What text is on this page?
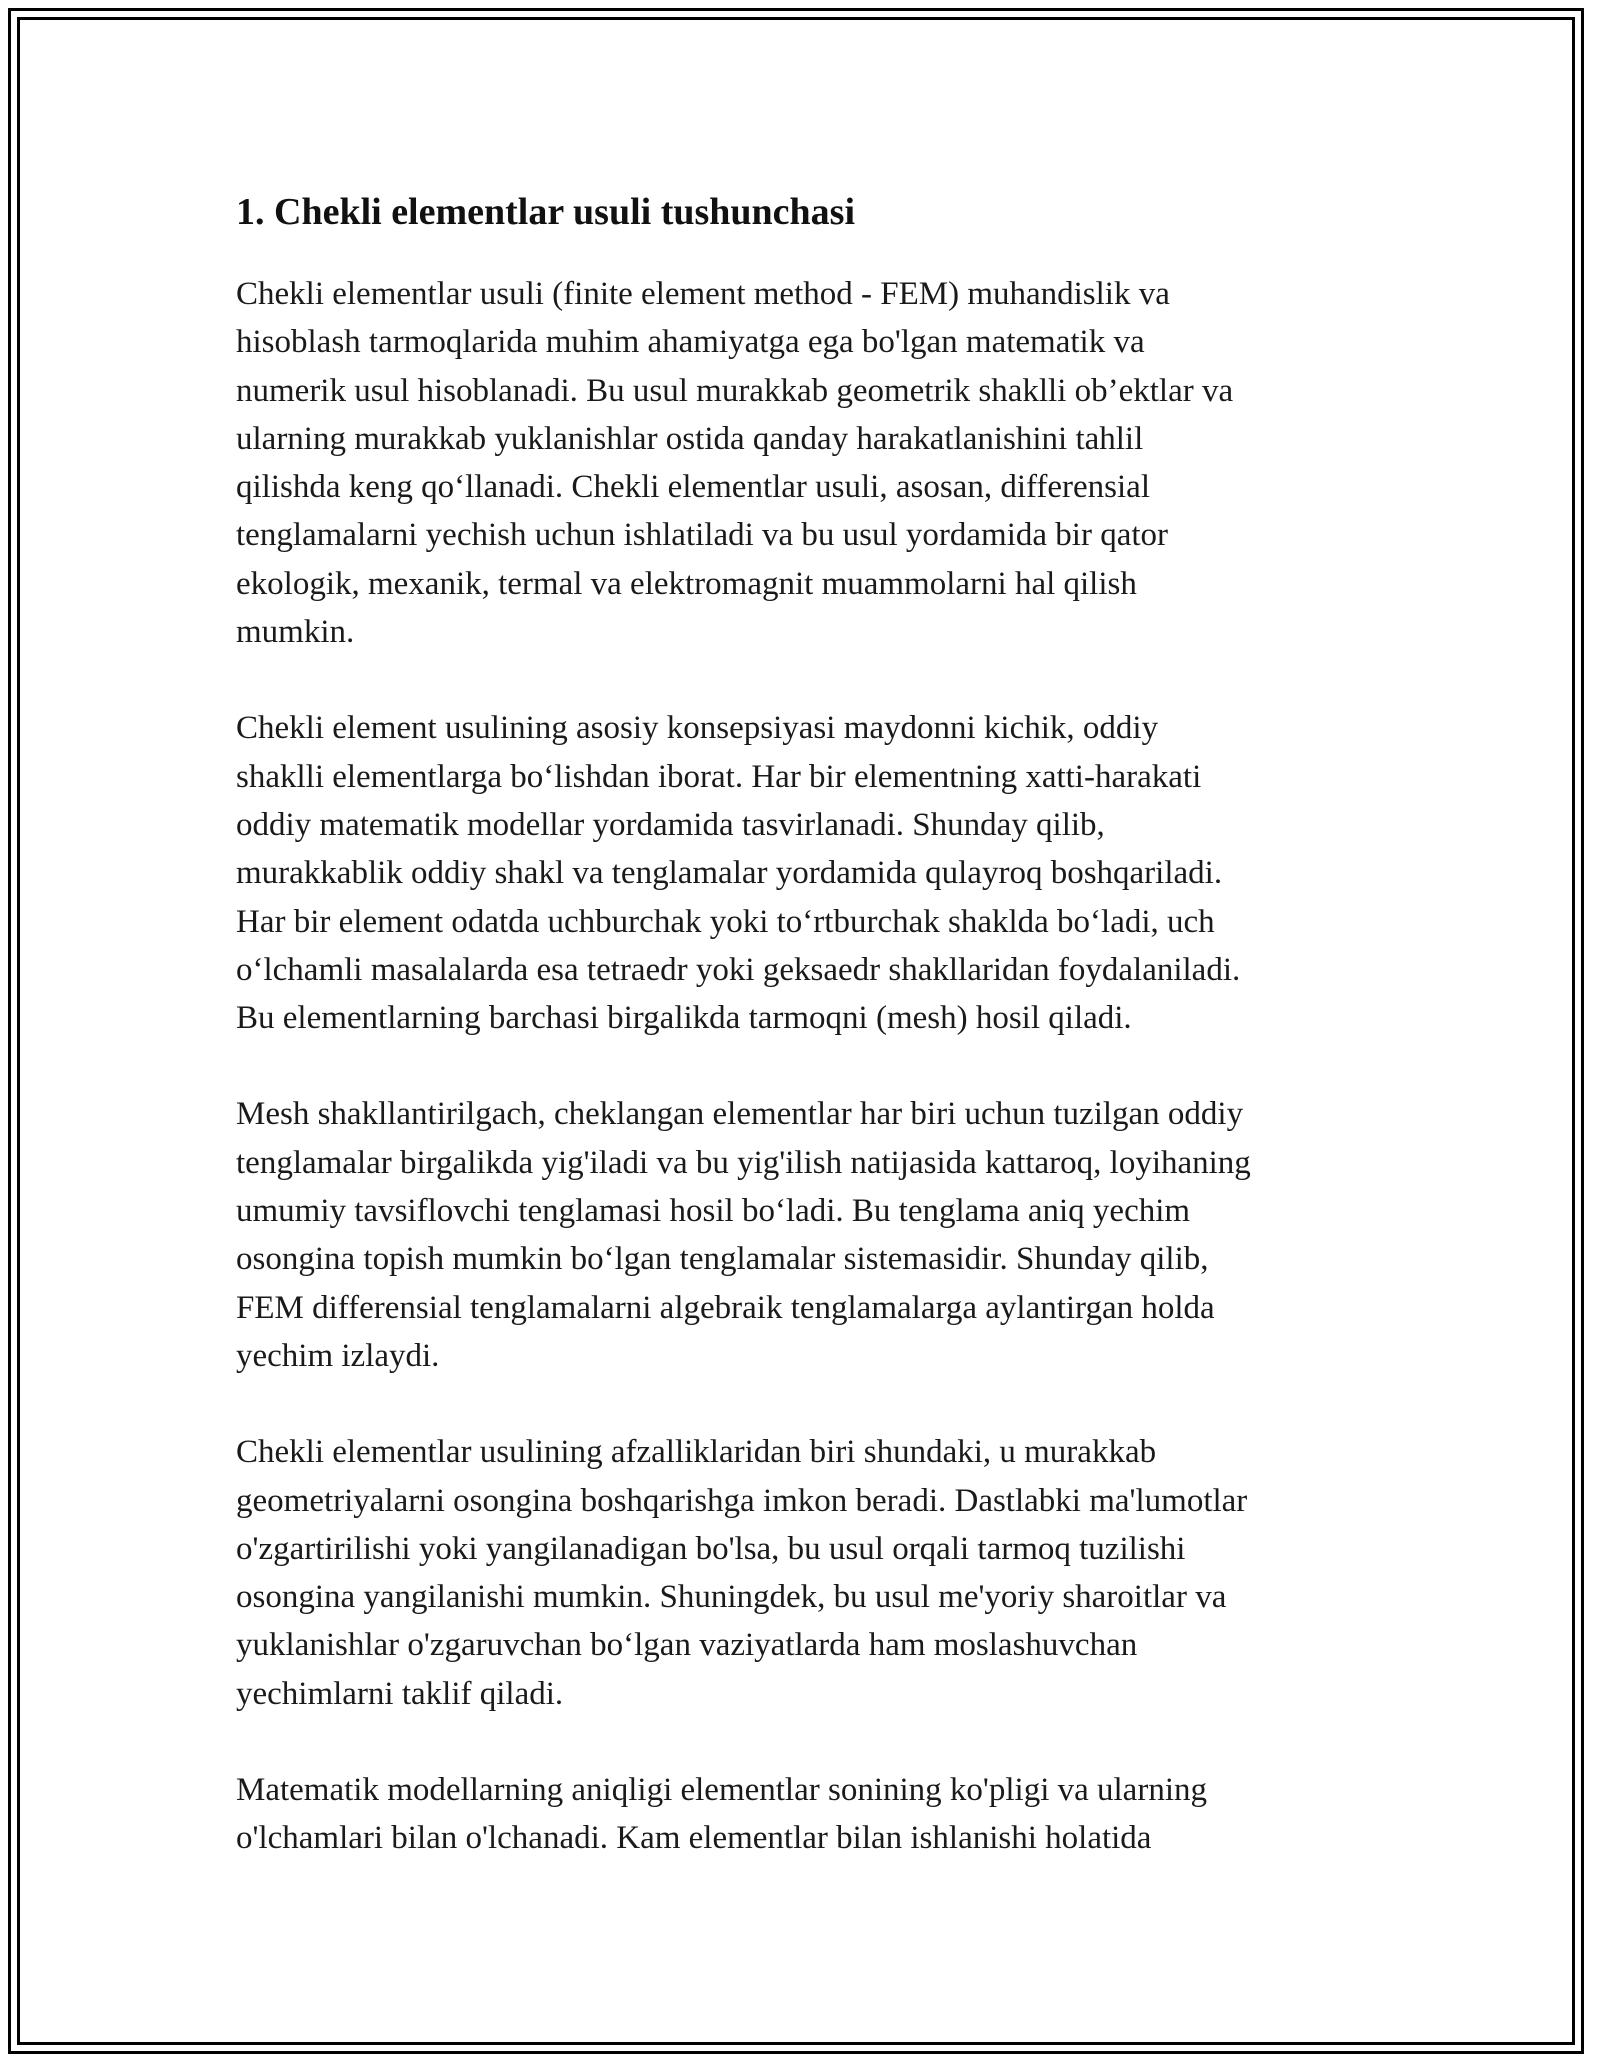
1. Chekli elementlar usuli tushunchasi

Chekli elementlar usuli (finite element method - FEM) muhandislik va
hisoblash tarmoqlarida muhim ahamiyatga ega bo'lgan matematik va
numerik usul hisoblanadi. Bu usul murakkab geometrik shaklli ob’ektlar va
ularning murakkab yuklanishlar ostida qanday harakatlanishini tahlil
qilishda keng qo‘llanadi. Chekli elementlar usuli, asosan, differensial
tenglamalarni yechish uchun ishlatiladi va bu usul yordamida bir qator
ekologik, mexanik, termal va elektromagnit muammolarni hal qilish
mumkin.

Chekli element usulining asosiy konsepsiyasi maydonni kichik, oddiy
shaklli elementlarga bo‘lishdan iborat. Har bir elementning xatti-harakati
oddiy matematik modellar yordamida tasvirlanadi. Shunday qilib,
murakkablik oddiy shakl va tenglamalar yordamida qulayroq boshqariladi.
Har bir element odatda uchburchak yoki to‘rtburchak shaklda bo‘ladi, uch
o‘lchamli masalalarda esa tetraedr yoki geksaedr shakllaridan foydalaniladi.
Bu elementlarning barchasi birgalikda tarmoqni (mesh) hosil qiladi.

Mesh shakllantirilgach, cheklangan elementlar har biri uchun tuzilgan oddiy
tenglamalar birgalikda yig'iladi va bu yig'ilish natijasida kattaroq, loyihaning
umumiy tavsiflovchi tenglamasi hosil bo‘ladi. Bu tenglama aniq yechim
osongina topish mumkin bo‘lgan tenglamalar sistemasidir. Shunday qilib,
FEM differensial tenglamalarni algebraik tenglamalarga aylantirgan holda
yechim izlaydi.

Chekli elementlar usulining afzalliklaridan biri shundaki, u murakkab
geometriyalarni osongina boshqarishga imkon beradi. Dastlabki ma'lumotlar
o'zgartirilishi yoki yangilanadigan bo'lsa, bu usul orqali tarmoq tuzilishi
osongina yangilanishi mumkin. Shuningdek, bu usul me'yoriy sharoitlar va
yuklanishlar o'zgaruvchan bo‘lgan vaziyatlarda ham moslashuvchan
yechimlarni taklif qiladi.

Matematik modellarning aniqligi elementlar sonining ko'pligi va ularning
o'lchamlari bilan o'lchanadi. Kam elementlar bilan ishlanishi holatida
